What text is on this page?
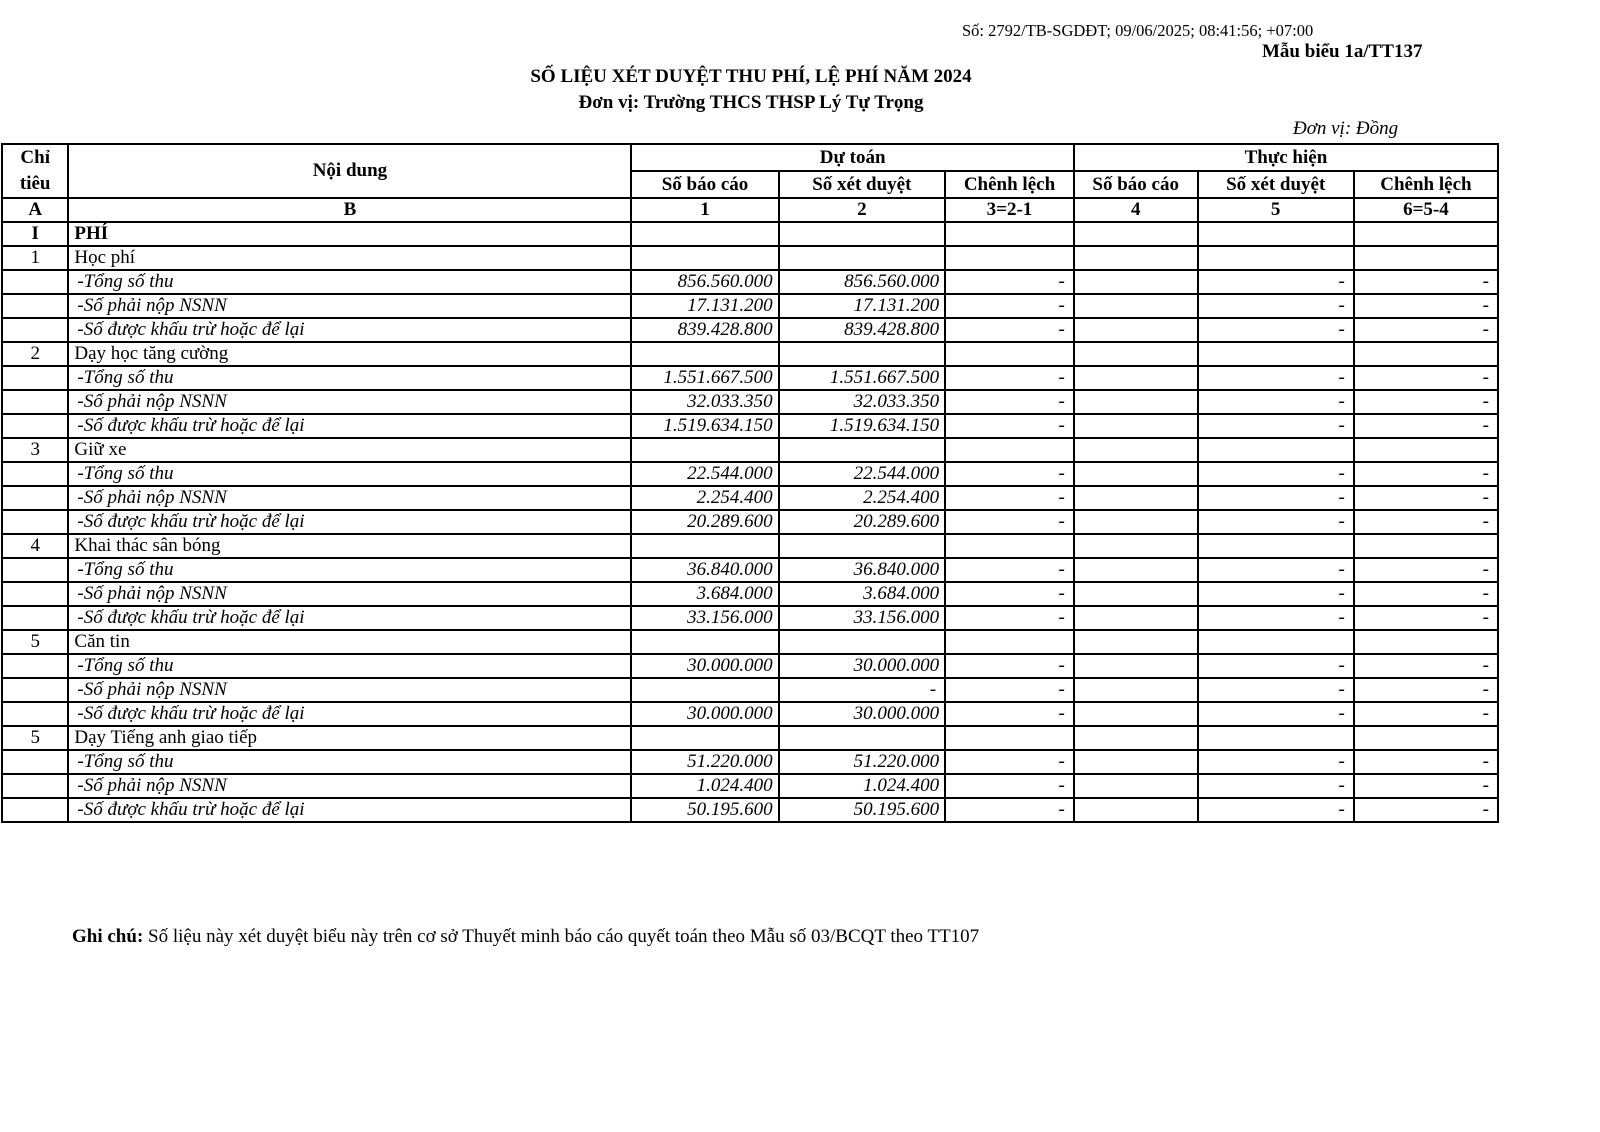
Số: 2792/TB-SGDĐT; 09/06/2025; 08:41:56; +07:00
Mẫu biểu 1a/TT137
SỐ LIỆU XÉT DUYỆT THU PHÍ, LỆ PHÍ NĂM 2024
Đơn vị: Trường THCS THSP Lý Tự Trọng
Đơn vị: Đồng
Chỉ
tiêu	Nội dung	Dự toán			Thực hiện		
		Số báo cáo	Số xét duyệt	Chênh lệch	Số báo cáo	Số xét duyệt	Chênh lệch
A	B	1	2	3=2-1	4	5	6=5-4
I	PHÍ						
1	Học phí						
	-Tổng số thu	856.560.000	856.560.000	-		-	-
	-Số phải nộp NSNN	17.131.200	17.131.200	-		-	-
	-Số được khấu trừ hoặc để lại	839.428.800	839.428.800	-		-	-
2	Dạy học tăng cường						
	-Tổng số thu	1.551.667.500	1.551.667.500	-		-	-
	-Số phải nộp NSNN	32.033.350	32.033.350	-		-	-
	-Số được khấu trừ hoặc để lại	1.519.634.150	1.519.634.150	-		-	-
3	Giữ xe						
	-Tổng số thu	22.544.000	22.544.000	-		-	-
	-Số phải nộp NSNN	2.254.400	2.254.400	-		-	-
	-Số được khấu trừ hoặc để lại	20.289.600	20.289.600	-		-	-
4	Khai thác sân bóng						
	-Tổng số thu	36.840.000	36.840.000	-		-	-
	-Số phải nộp NSNN	3.684.000	3.684.000	-		-	-
	-Số được khấu trừ hoặc để lại	33.156.000	33.156.000	-		-	-
5	Căn tin						
	-Tổng số thu	30.000.000	30.000.000	-		-	-
	-Số phải nộp NSNN		-	-		-	-
	-Số được khấu trừ hoặc để lại	30.000.000	30.000.000	-		-	-
5	Dạy Tiếng anh giao tiếp						
	-Tổng số thu	51.220.000	51.220.000	-		-	-
	-Số phải nộp NSNN	1.024.400	1.024.400	-		-	-
	-Số được khấu trừ hoặc để lại	50.195.600	50.195.600	-		-	-
Ghi chú: Số liệu này xét duyệt biểu này trên cơ sở Thuyết minh báo cáo quyết toán theo Mẫu số 03/BCQT theo TT107
